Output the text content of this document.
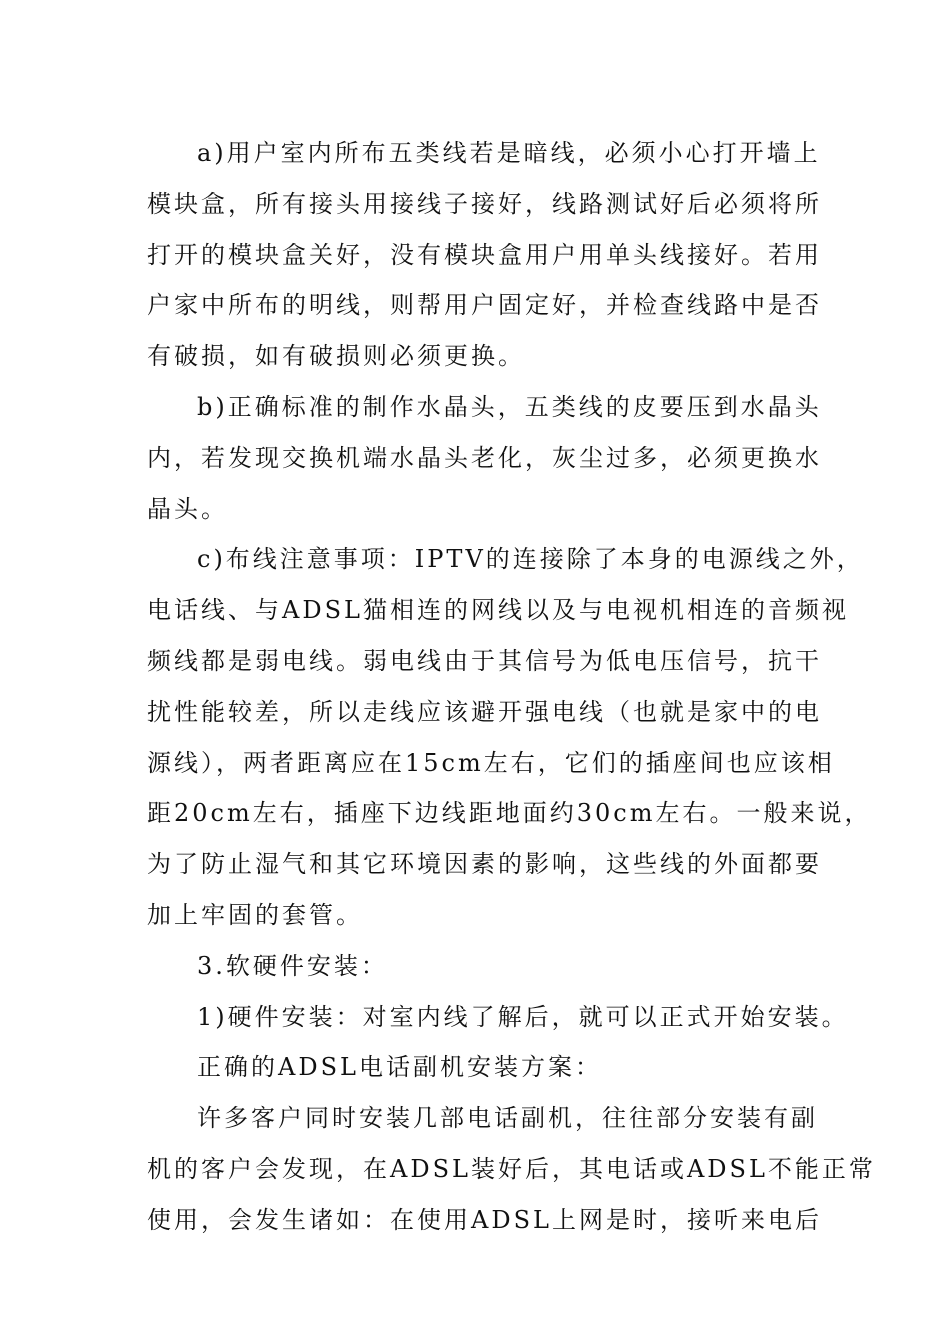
a)用户室内所布五类线若是暗线，必须小心打开墙上
模块盒，所有接头用接线子接好，线路测试好后必须将所
打开的模块盒关好，没有模块盒用户用单头线接好。若用
户家中所布的明线，则帮用户固定好，并检查线路中是否
有破损，如有破损则必须更换。
b)正确标准的制作水晶头，五类线的皮要压到水晶头
内，若发现交换机端水晶头老化，灰尘过多，必须更换水
晶头。
c)布线注意事项：IPTV的连接除了本身的电源线之外，
电话线、与ADSL猫相连的网线以及与电视机相连的音频视
频线都是弱电线。弱电线由于其信号为低电压信号，抗干
扰性能较差，所以走线应该避开强电线（也就是家中的电
源线），两者距离应在15cm左右，它们的插座间也应该相
距20cm左右，插座下边线距地面约30cm左右。一般来说，
为了防止湿气和其它环境因素的影响，这些线的外面都要
加上牢固的套管。
3.软硬件安装：
1)硬件安装：对室内线了解后，就可以正式开始安装。
正确的ADSL电话副机安装方案：
许多客户同时安装几部电话副机，往往部分安装有副
机的客户会发现，在ADSL装好后，其电话或ADSL不能正常
使用，会发生诸如：在使用ADSL上网是时，接听来电后
